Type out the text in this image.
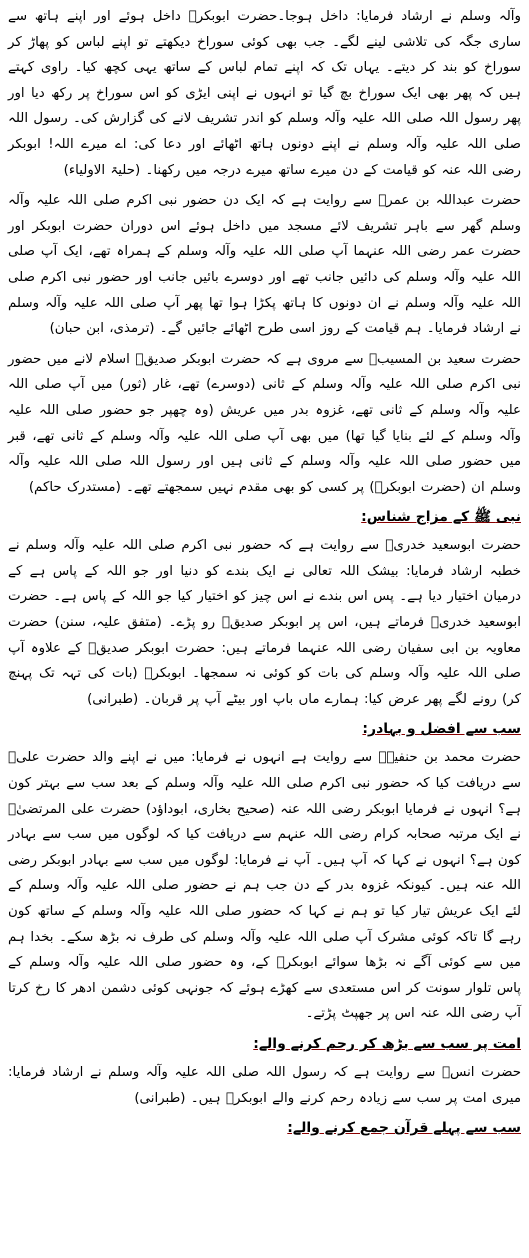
وآلہ وسلم نے ارشاد فرمایا: داخل ہوجا۔حضرت ابوبکرؓ داخل ہوئے اور اپنے ہاتھ سے ساری جگہ کی تلاشی لینے لگے۔ جب بھی کوئی سوراخ دیکھتے تو اپنے لباس کو پھاڑ کر سوراخ کو بند کر دیتے۔ یہاں تک کہ اپنے تمام لباس کے ساتھ یہی کچھ کیا۔ راوی کہتے ہیں کہ پھر بھی ایک سوراخ بچ گیا تو انہوں نے اپنی ایڑی کو اس سوراخ پر رکھ دیا اور پھر رسول اللہ صلی اللہ علیہ وآلہ وسلم کو اندر تشریف لانے کی گزارش کی۔ رسول اللہ صلی اللہ علیہ وآلہ وسلم نے اپنے دونوں ہاتھ اٹھائے اور دعا کی: اے میرے اللہ! ابوبکر رضی اللہ عنہ کو قیامت کے دن میرے ساتھ میرے درجہ میں رکھنا۔ (حلیۃ الاولیاء)

حضرت عبداللہ بن عمرؓ سے روایت ہے کہ ایک دن حضور نبی اکرم صلی اللہ علیہ وآلہ وسلم گھر سے باہر تشریف لائے مسجد میں داخل ہوئے اس دوران حضرت ابوبکر اور حضرت عمر رضی اللہ عنہما آپ صلی اللہ علیہ وآلہ وسلم کے ہمراہ تھے، ایک آپ صلی اللہ علیہ وآلہ وسلم کی دائیں جانب تھے اور دوسرے بائیں جانب اور حضور نبی اکرم صلی اللہ علیہ وآلہ وسلم نے ان دونوں کا ہاتھ پکڑا ہوا تھا پھر آپ صلی اللہ علیہ وآلہ وسلم نے ارشاد فرمایا۔ ہم قیامت کے روز اسی طرح اٹھائے جائیں گے۔ (ترمذی، ابن حبان)

حضرت سعید بن المسیبؓ سے مروی ہے کہ حضرت ابوبکر صدیقؓ اسلام لانے میں حضور نبی اکرم صلی اللہ علیہ وآلہ وسلم کے ثانی (دوسرے) تھے، غار (ثور) میں آپ صلی اللہ علیہ وآلہ وسلم کے ثانی تھے، غزوہ بدر میں عریش (وہ چھپر جو حضور صلی اللہ علیہ وآلہ وسلم کے لئے بنایا گیا تھا) میں بھی آپ صلی اللہ علیہ وآلہ وسلم کے ثانی تھے، قبر میں حضور صلی اللہ علیہ وآلہ وسلم کے ثانی ہیں اور رسول اللہ صلی اللہ علیہ وآلہ وسلم ان (حضرت ابوبکرؓ) پر کسی کو بھی مقدم نہیں سمجھتے تھے۔ (مستدرک حاکم)

نبی ﷺ کے مزاج شناس:

حضرت ابوسعید خدریؓ سے روایت ہے کہ حضور نبی اکرم صلی اللہ علیہ وآلہ وسلم نے خطبہ ارشاد فرمایا: بیشک اللہ تعالی نے ایک بندے کو دنیا اور جو اللہ کے پاس ہے کے درمیان اختیار دیا ہے۔ پس اس بندے نے اس چیز کو اختیار کیا جو اللہ کے پاس ہے۔ حضرت ابوسعید خدریؓ فرماتے ہیں، اس پر ابوبکر صدیقؓ رو پڑے۔ (متفق علیہ، سنن) حضرت معاویہ بن ابی سفیان رضی اللہ عنہما فرماتے ہیں: حضرت ابوبکر صدیقؓ کے علاوہ آپ صلی اللہ علیہ وآلہ وسلم کی بات کو کوئی نہ سمجھا۔ ابوبکرؓ (بات کی تہہ تک پہنچ کر) رونے لگے پھر عرض کیا: ہمارے ماں باپ اور بیٹے آپ پر قربان۔ (طبرانی)

سب سے افضل و بہادر:

حضرت محمد بن حنفیہؓ سے روایت ہے انہوں نے فرمایا: میں نے اپنے والد حضرت علیؓ سے دریافت کیا کہ حضور نبی اکرم صلی اللہ علیہ وآلہ وسلم کے بعد سب سے بہتر کون ہے؟ انہوں نے فرمایا ابوبکر رضی اللہ عنہ (صحیح بخاری، ابوداؤد) حضرت علی المرتضیٰؓ نے ایک مرتبہ صحابہ کرام رضی اللہ عنہم سے دریافت کیا کہ لوگوں میں سب سے بہادر کون ہے؟ انہوں نے کہا کہ آپ ہیں۔ آپ نے فرمایا: لوگوں میں سب سے بہادر ابوبکر رضی اللہ عنہ ہیں۔ کیونکہ غزوہ بدر کے دن جب ہم نے حضور صلی اللہ علیہ وآلہ وسلم کے لئے ایک عریش تیار کیا تو ہم نے کہا کہ حضور صلی اللہ علیہ وآلہ وسلم کے ساتھ کون رہے گا تاکہ کوئی مشرک آپ صلی اللہ علیہ وآلہ وسلم کی طرف نہ بڑھ سکے۔ بخدا ہم میں سے کوئی آگے نہ بڑھا سوائے ابوبکرؓ کے، وہ حضور صلی اللہ علیہ وآلہ وسلم کے پاس تلوار سونت کر اس مستعدی سے کھڑے ہوئے کہ جونہی کوئی دشمن ادھر کا رخ کرتا آپ رضی اللہ عنہ اس پر جھپٹ پڑتے۔

امت پر سب سے بڑھ کر رحم کرنے والے:

حضرت انسؓ سے روایت ہے کہ رسول اللہ صلی اللہ علیہ وآلہ وسلم نے ارشاد فرمایا: میری امت پر سب سے زیادہ رحم کرنے والے ابوبکرؓ ہیں۔ (طبرانی)

سب سے پہلے قرآن جمع کرنے والے:
